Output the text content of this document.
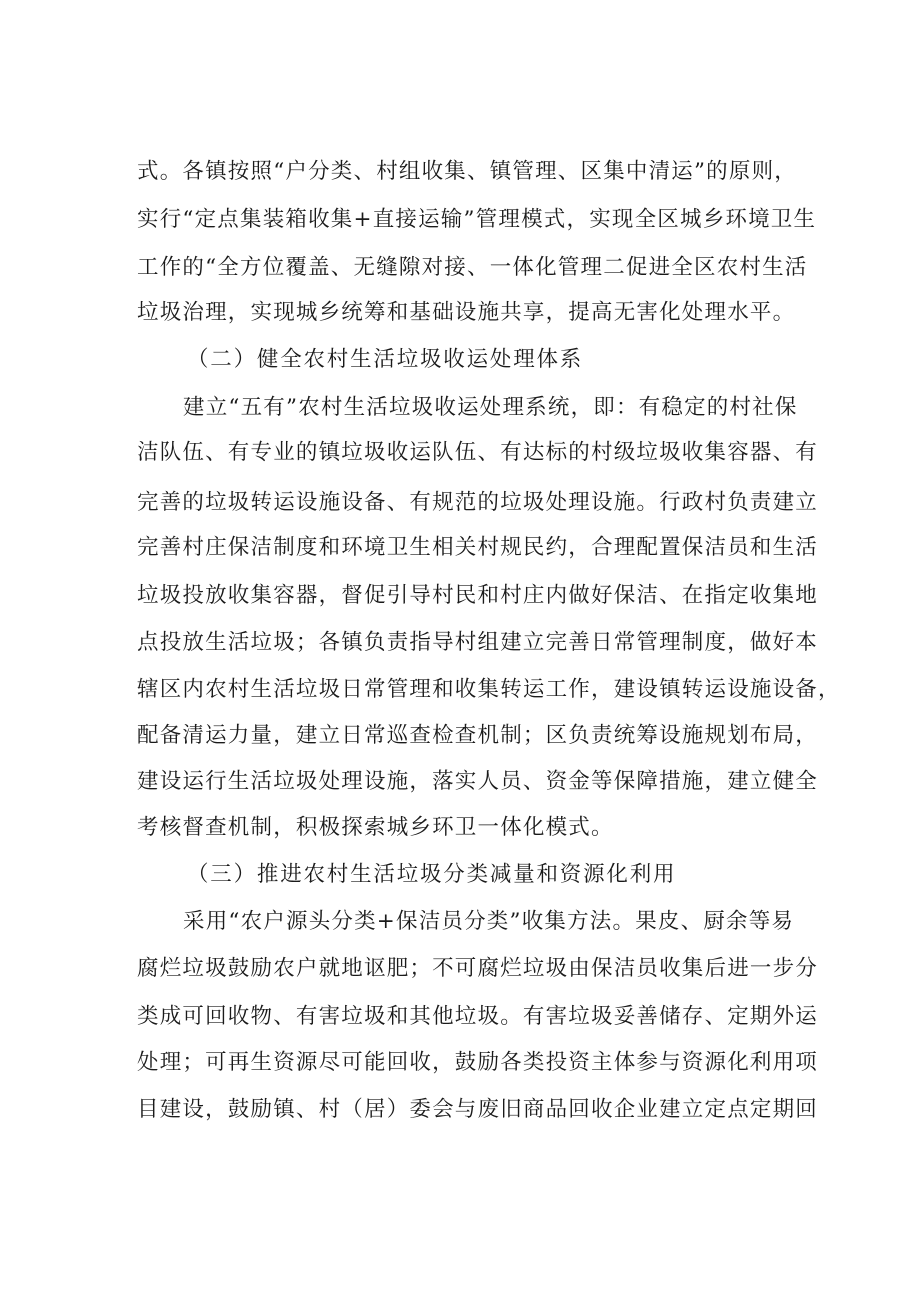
式。各镇按照“户分类、村组收集、镇管理、区集中清运”的原则，
实行“定点集装箱收集+直接运输”管理模式，实现全区城乡环境卫生
工作的“全方位覆盖、无缝隙对接、一体化管理二促进全区农村生活
垃圾治理，实现城乡统筹和基础设施共享，提高无害化处理水平。
（二）健全农村生活垃圾收运处理体系
建立“五有”农村生活垃圾收运处理系统，即：有稳定的村社保
洁队伍、有专业的镇垃圾收运队伍、有达标的村级垃圾收集容器、有
完善的垃圾转运设施设备、有规范的垃圾处理设施。行政村负责建立
完善村庄保洁制度和环境卫生相关村规民约，合理配置保洁员和生活
垃圾投放收集容器，督促引导村民和村庄内做好保洁、在指定收集地
点投放生活垃圾；各镇负责指导村组建立完善日常管理制度，做好本
辖区内农村生活垃圾日常管理和收集转运工作，建设镇转运设施设备，
配备清运力量，建立日常巡查检查机制；区负责统筹设施规划布局，
建设运行生活垃圾处理设施，落实人员、资金等保障措施，建立健全
考核督查机制，积极探索城乡环卫一体化模式。
（三）推进农村生活垃圾分类减量和资源化利用
采用“农户源头分类+保洁员分类”收集方法。果皮、厨余等易
腐烂垃圾鼓励农户就地讴肥；不可腐烂垃圾由保洁员收集后进一步分
类成可回收物、有害垃圾和其他垃圾。有害垃圾妥善储存、定期外运
处理；可再生资源尽可能回收，鼓励各类投资主体参与资源化利用项
目建设，鼓励镇、村（居）委会与废旧商品回收企业建立定点定期回
